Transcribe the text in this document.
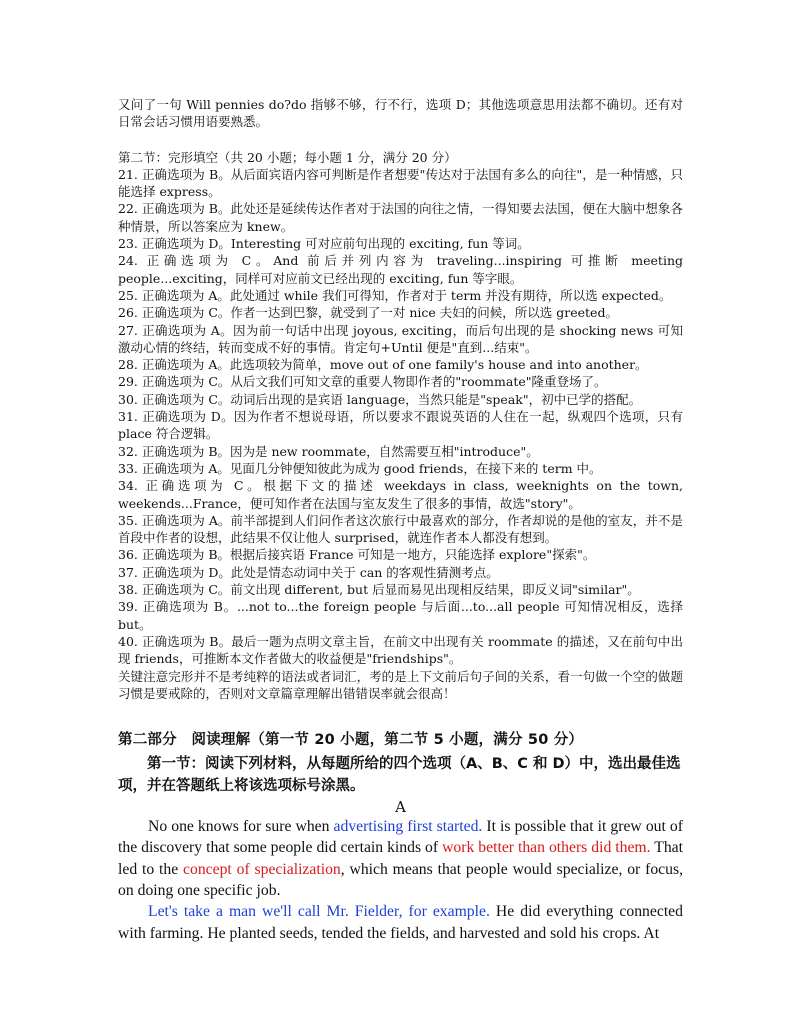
又问了一句 Will pennies do?do 指够不够，行不行，选项 D；其他选项意思用法都不确切。还有对日常会话习惯用语要熟悉。

第二节：完形填空（共 20 小题；每小题 1 分，满分 20 分）

21. 正确选项为 B。从后面宾语内容可判断是作者想要"传达对于法国有多么的向往"，是一种情感，只能选择 express。

22. 正确选项为 B。此处还是延续传达作者对于法国的向往之情，一得知要去法国，便在大脑中想象各种情景，所以答案应为 knew。

23. 正确选项为 D。Interesting 可对应前句出现的 exciting, fun 等词。

24. 正确选项为 C。And 前后并列内容为 traveling...inspiring 可推断 meeting people...exciting，同样可对应前文已经出现的 exciting, fun 等字眼。

25. 正确选项为 A。此处通过 while 我们可得知，作者对于 term 并没有期待，所以选 expected。

26. 正确选项为 C。作者一达到巴黎，就受到了一对 nice 夫妇的问候，所以选 greeted。

27. 正确选项为 A。因为前一句话中出现 joyous, exciting，而后句出现的是 shocking news 可知激动心情的终结，转而变成不好的事情。肯定句+Until 便是"直到...结束"。

28. 正确选项为 A。此选项较为简单，move out of one family's house and into another。

29. 正确选项为 C。从后文我们可知文章的重要人物即作者的"roommate"隆重登场了。

30. 正确选项为 C。动词后出现的是宾语 language，当然只能是"speak"，初中已学的搭配。

31. 正确选项为 D。因为作者不想说母语，所以要求不跟说英语的人住在一起，纵观四个选项，只有 place 符合逻辑。

32. 正确选项为 B。因为是 new roommate，自然需要互相"introduce"。

33. 正确选项为 A。见面几分钟便知彼此为成为 good friends，在接下来的 term 中。

34. 正确选项为 C。根据下文的描述 weekdays in class, weeknights on the town, weekends...France，便可知作者在法国与室友发生了很多的事情，故选"story"。

35. 正确选项为 A。前半部提到人们问作者这次旅行中最喜欢的部分，作者却说的是他的室友，并不是首段中作者的设想，此结果不仅让他人 surprised，就连作者本人都没有想到。

36. 正确选项为 B。根据后接宾语 France 可知是一地方，只能选择 explore"探索"。

37. 正确选项为 D。此处是情态动词中关于 can 的客观性猜测考点。

38. 正确选项为 C。前文出现 different, but 后显而易见出现相反结果，即反义词"similar"。

39. 正确选项为 B。...not to...the foreign people 与后面...to...all people 可知情况相反，选择 but。

40. 正确选项为 B。最后一题为点明文章主旨，在前文中出现有关 roommate 的描述，又在前句中出现 friends，可推断本文作者做大的收益便是"friendships"。

关键注意完形并不是考纯粹的语法或者词汇，考的是上下文前后句子间的关系，看一句做一个空的做题习惯是要戒除的，否则对文章篇章理解出错错误率就会很高！

第二部分　阅读理解（第一节 20 小题，第二节 5 小题，满分 50 分）

第一节：阅读下列材料，从每题所给的四个选项（A、B、C 和 D）中，选出最佳选项，并在答题纸上将该选项标号涂黑。

A

No one knows for sure when advertising first started. It is possible that it grew out of the discovery that some people did certain kinds of work better than others did them. That led to the concept of specialization, which means that people would specialize, or focus, on doing one specific job.

Let's take a man we'll call Mr. Fielder, for example. He did everything connected with farming. He planted seeds, tended the fields, and harvested and sold his crops. At
